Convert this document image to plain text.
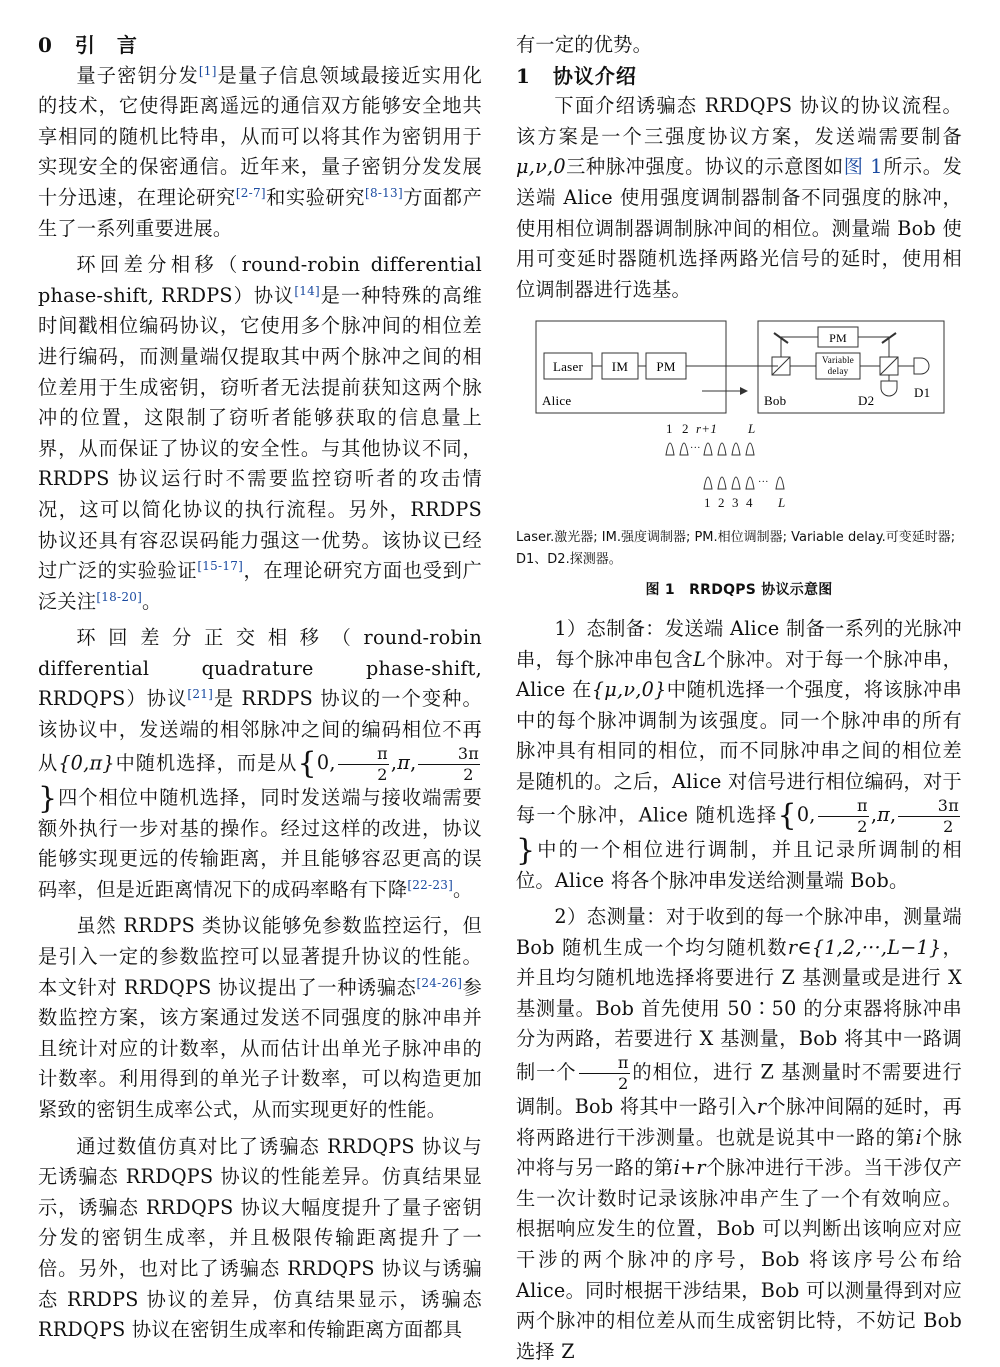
0 引　言

量子密钥分发[1]是量子信息领域最接近实用化的技术，它使得距离遥远的通信双方能够安全地共享相同的随机比特串，从而可以将其作为密钥用于实现安全的保密通信。近年来，量子密钥分发发展十分迅速，在理论研究[2-7]和实验研究[8-13]方面都产生了一系列重要进展。

环回差分相移（round-robin differential phase-shift, RRDPS）协议[14]是一种特殊的高维时间戳相位编码协议，它使用多个脉冲间的相位差进行编码，而测量端仅提取其中两个脉冲之间的相位差用于生成密钥，窃听者无法提前获知这两个脉冲的位置，这限制了窃听者能够获取的信息量上界，从而保证了协议的安全性。与其他协议不同，RRDPS 协议运行时不需要监控窃听者的攻击情况，这可以简化协议的执行流程。另外，RRDPS 协议还具有容忍误码能力强这一优势。该协议已经过广泛的实验验证[15-17]，在理论研究方面也受到广泛关注[18-20]。

环回差分正交相移（round-robin differential quadrature phase-shift, RRDQPS）协议[21]是 RRDPS 协议的一个变种。该协议中，发送端的相邻脉冲之间的编码相位不再从{0,π}中随机选择，而是从{0, $\frac{\pi}{2} ,\pi$, $\frac{3\pi}{2}$
}四个相位中随机选择，同时发送端与接收端需要额外执行一步对基的操作。经过这样的改进，协议能够实现更远的传输距离，并且能够容忍更高的误码率，但是近距离情况下的成码率略有下降[22-23]。

虽然 RRDPS 类协议能够免参数监控运行，但是引入一定的参数监控可以显著提升协议的性能。本文针对 RRDQPS 协议提出了一种诱骗态[24-26]参数监控方案，该方案通过发送不同强度的脉冲串并且统计对应的计数率，从而估计出单光子脉冲串的计数率。利用得到的单光子计数率，可以构造更加紧致的密钥生成率公式，从而实现更好的性能。

通过数值仿真对比了诱骗态 RRDQPS 协议与无诱骗态 RRDQPS 协议的性能差异。仿真结果显示，诱骗态 RRDQPS 协议大幅度提升了量子密钥分发的密钥生成率，并且极限传输距离提升了一倍。另外，也对比了诱骗态 RRDQPS 协议与诱骗态 RRDPS 协议的差异，仿真结果显示，诱骗态 RRDQPS 协议在密钥生成率和传输距离方面都具

有一定的优势。

1 协议介绍

下面介绍诱骗态 RRDQPS 协议的协议流程。该方案是一个三强度协议方案，发送端需要制备μ,ν,0三种脉冲强度。协议的示意图如图 1所示。发送端 Alice 使用强度调制器制备不同强度的脉冲，使用相位调制器调制脉冲间的相位。测量端 Bob 使用可变延时器随机选择两路光信号的延时，使用相位调制器进行选基。

Laser IM PM
Alice	Bob
Variable
delay
PM
D1
D2
1 2 r+1 L
···
···
1 2 3 4 L
Laser.激光器; IM.强度调制器; PM.相位调制器; Variable delay.可变延时器; D1、D2.探测器。
图 1　RRDQPS 协议示意图

1）态制备：发送端 Alice 制备一系列的光脉冲串，每个脉冲串包含L个脉冲。对于每一个脉冲串，Alice 在{μ,ν,0}中随机选择一个强度，将该脉冲串中的每个脉冲调制为该强度。同一个脉冲串的所有脉冲具有相同的相位，而不同脉冲串之间的相位差是随机的。之后，Alice 对信号进行相位编码，对于每一个脉冲，Alice 随机选择{0, $\frac{\pi}{2} ,\pi$, $\frac{3\pi}{2}$
}中的一个相位进行调制，并且记录所调制的相位。Alice 将各个脉冲串发送给测量端 Bob。

2）态测量：对于收到的每一个脉冲串，测量端 Bob 随机生成一个均匀随机数r∈{1,2,···,L−1}，并且均匀随机地选择将要进行 Z 基测量或是进行 X 基测量。Bob 首先使用 50∶50 的分束器将脉冲串分为两路，若要进行 X 基测量，Bob 将其中一路调制一个 $\frac{\pi}{2}$ 的相位，进行 Z 基测量时不需要进行调制。Bob 将其中一路引入r个脉冲间隔的延时，再将两路进行干涉测量。也就是说其中一路的第i个脉冲将与另一路的第i+r个脉冲进行干涉。当干涉仅产生一次计数时记录该脉冲串产生了一个有效响应。根据响应发生的位置，Bob 可以判断出该响应对应干涉的两个脉冲的序号，Bob 将该序号公布给 Alice。同时根据干涉结果，Bob 可以测量得到对应两个脉冲的相位差从而生成密钥比特，不妨记 Bob 选择 Z
